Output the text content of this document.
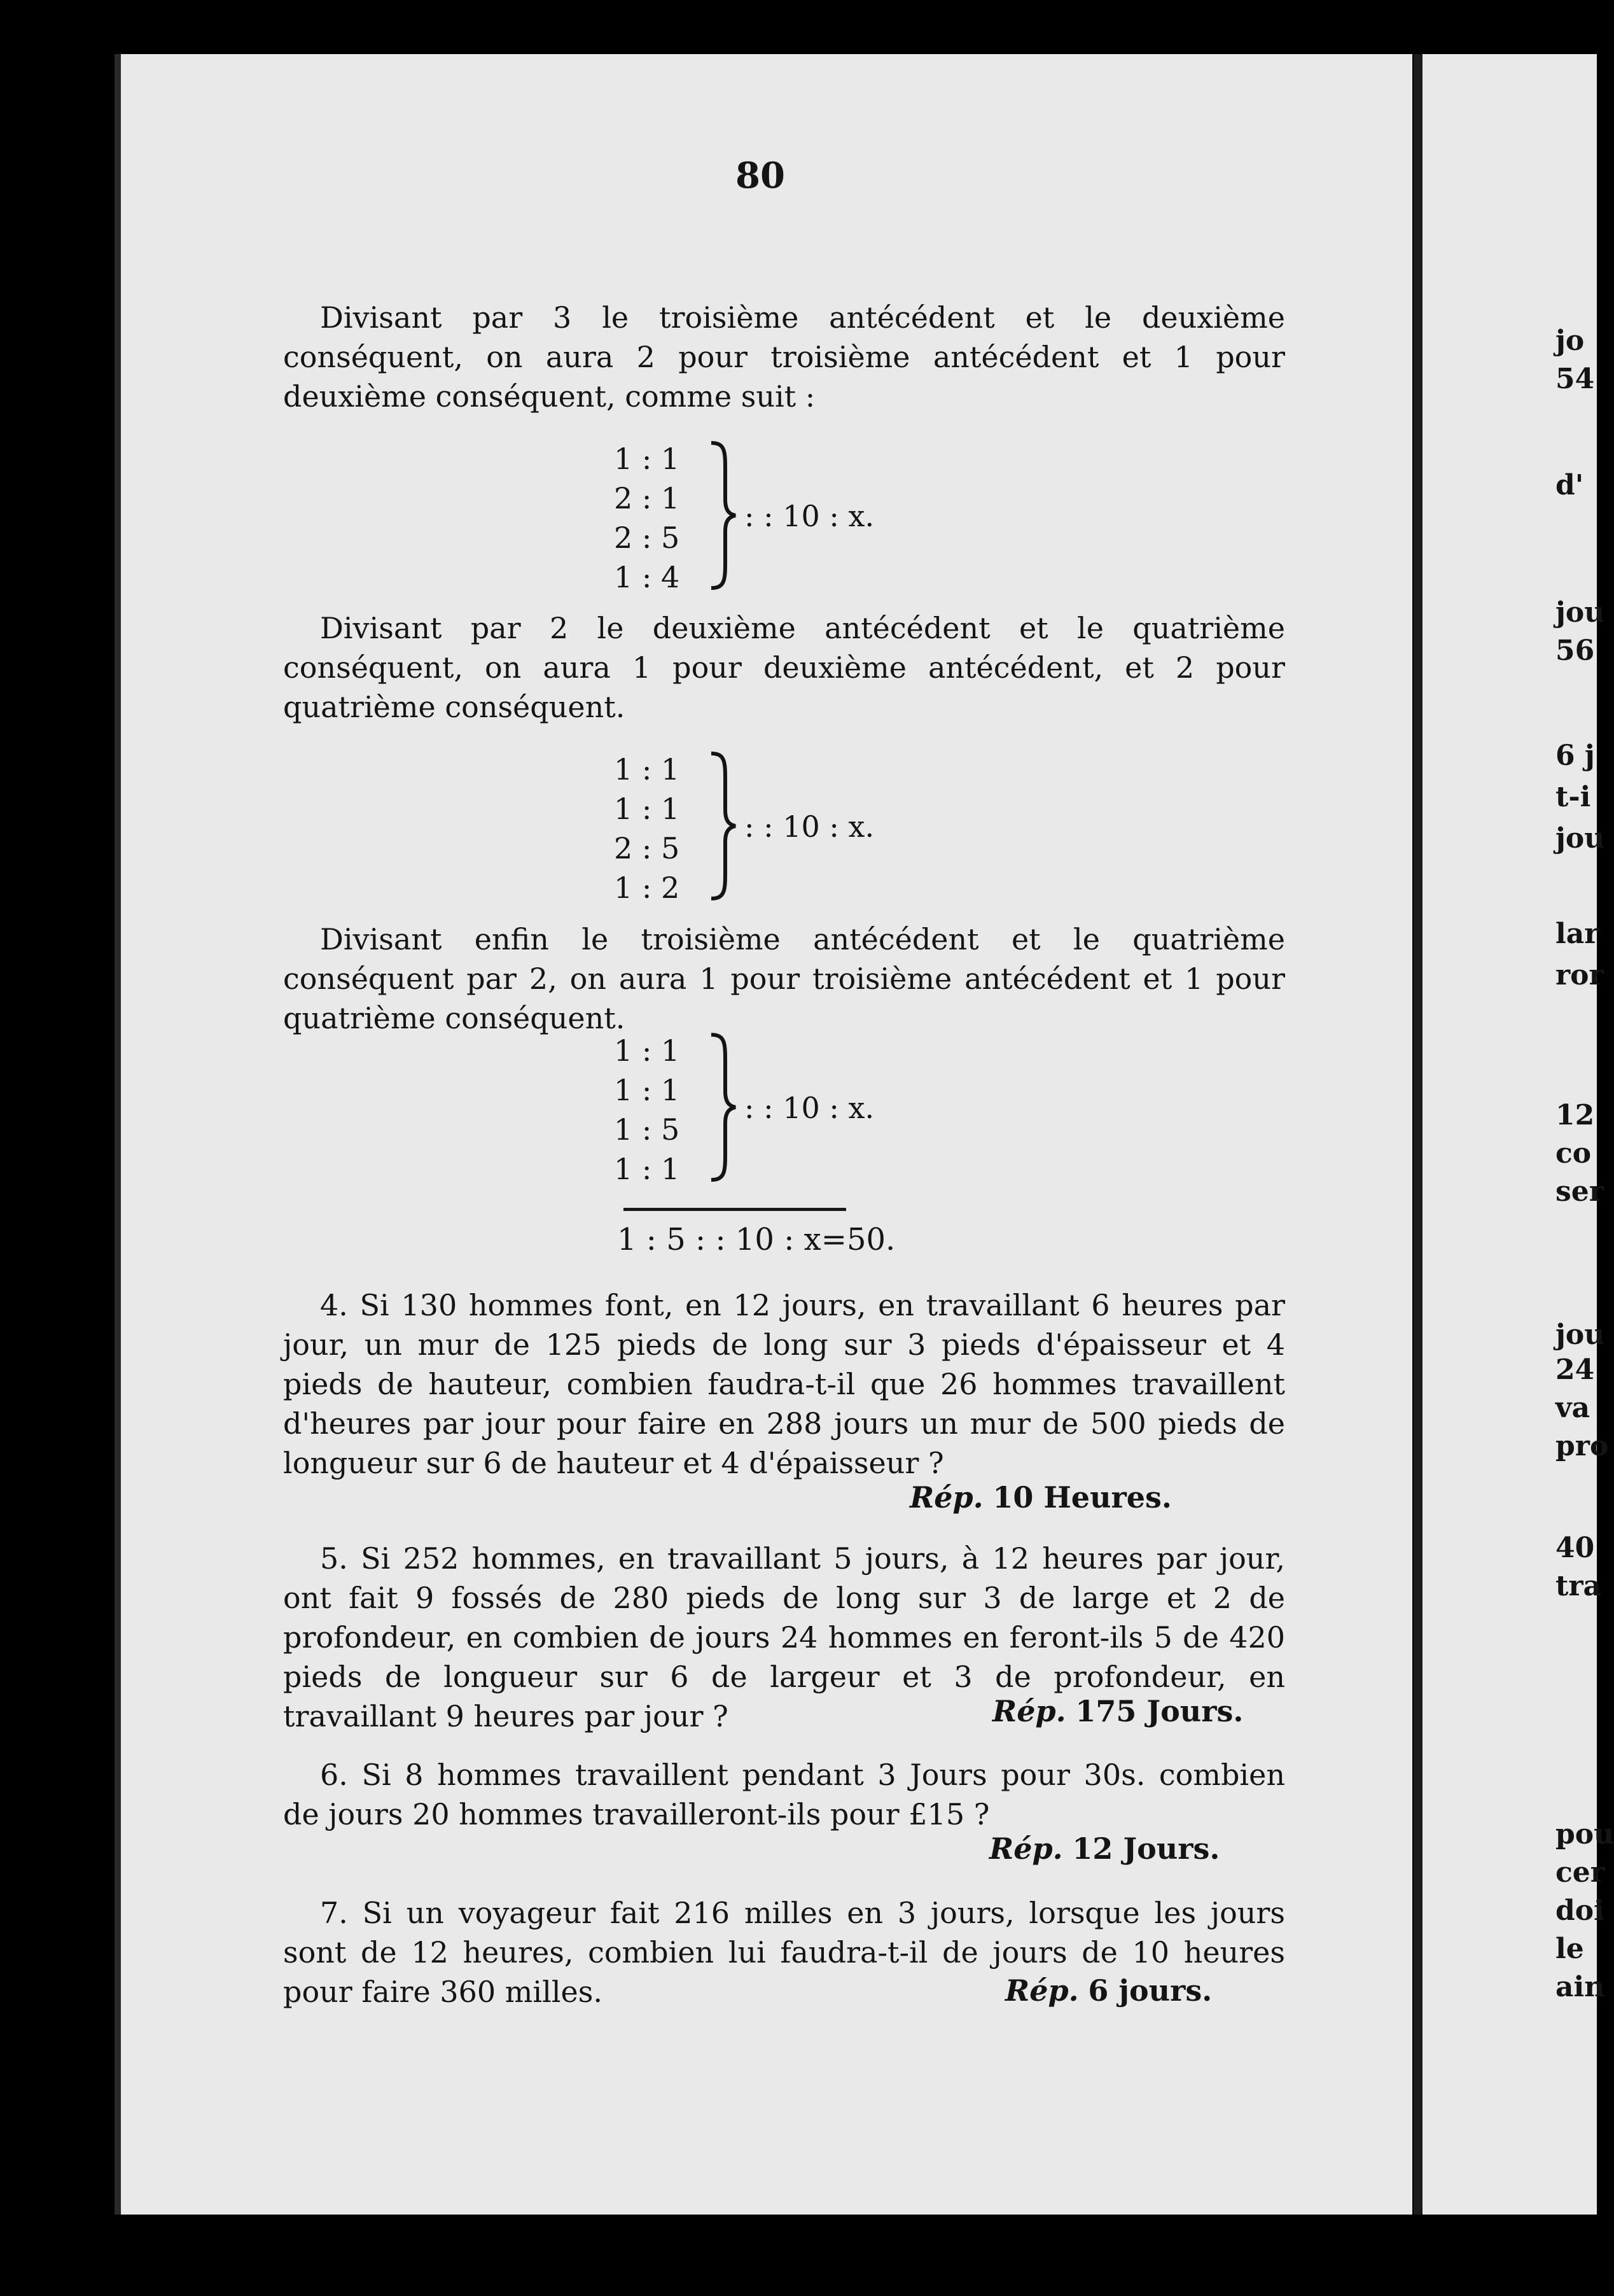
80
Divisant par 3 le troisième antécédent et le deuxième conséquent, on aura 2 pour troisième antécédent et 1 pour deuxième conséquent, comme suit :
1 : 1
2 : 1
2 : 5
1 : 4
: : 10 : x.
Divisant par 2 le deuxième antécédent et le quatrième conséquent, on aura 1 pour deuxième antécédent, et 2 pour quatrième conséquent.
1 : 1
1 : 1
2 : 5
1 : 2
: : 10 : x.
Divisant enfin le troisième antécédent et le quatrième conséquent par 2, on aura 1 pour troisième antécédent et 1 pour quatrième conséquent.
1 : 1
1 : 1
1 : 5
1 : 1
: : 10 : x.
1 : 5 : : 10 : x=50.
4. Si 130 hommes font, en 12 jours, en travaillant 6 heures par jour, un mur de 125 pieds de long sur 3 pieds d'épaisseur et 4 pieds de hauteur, combien faudra-t-il que 26 hommes travaillent d'heures par jour pour faire en 288 jours un mur de 500 pieds de longueur sur 6 de hauteur et 4 d'épaisseur ?
Rép. 10 Heures.
5. Si 252 hommes, en travaillant 5 jours, à 12 heures par jour, ont fait 9 fossés de 280 pieds de long sur 3 de large et 2 de profondeur, en combien de jours 24 hommes en feront-ils 5 de 420 pieds de longueur sur 6 de largeur et 3 de profondeur, en travaillant 9 heures par jour ?	Rép. 175 Jours.
6. Si 8 hommes travaillent pendant 3 Jours pour 30s. combien de jours 20 hommes travailleront-ils pour £15 ?
Rép. 12 Jours.
7. Si un voyageur fait 216 milles en 3 jours, lorsque les jours sont de 12 heures, combien lui faudra-t-il de jours de 10 heures pour faire 360 milles.	Rép. 6 jours.
jo
54
d'
jou
56
6 j
t-i
jou
lar
ror
12
co
ser
jou
24
va
pro
40
tra
pou
cer
doi
le
ain
